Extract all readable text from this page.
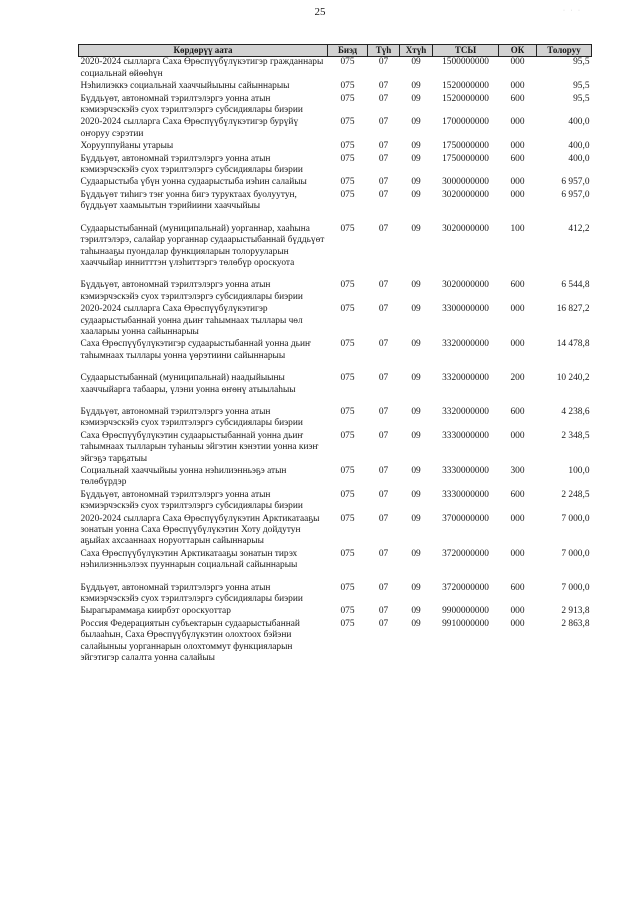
25	· · ·
Көрдөрүү аата	Биэд	Түһ	Хтүһ	ТСЫ	ОК	Толоруу
2020-2024 сылларга Саха Өрөспүүбүлүкэтигэр гражданнары социальнай өйөөһүн	075	07	09	1500000000	000	95,5
Нэһилиэккэ социальнай хааччыйыыны сайыннарыы	075	07	09	1520000000	000	95,5
Бүддьүөт, автономнай тэрилтэлэргэ уонна атын кэмиэрчэскэйэ суох тэрилтэлэргэ субсидиялары биэрии	075	07	09	1520000000	600	95,5
2020-2024 сылларга Саха Өрөспүүбүлүкэтигэр бурүйү оҥоруу сэрэтии	075	07	09	1700000000	000	400,0
Хорууппуйаны утарыы	075	07	09	1750000000	000	400,0
Бүддьүөт, автономнай тэрилтэлэргэ уонна атын кэмиэрчэскэйэ суох тэрилтэлэргэ субсидиялары биэрии	075	07	09	1750000000	600	400,0
Судаарыстыба үбүн уонна судаарыстыба иэһин салайыы	075	07	09	3000000000	000	6 957,0
Бүддьүөт тиһигэ тэҥ уонна бигэ туруктаах буолуутун, бүддьүөт хаамыытын тэрийиини хааччыйыы	075	07	09	3020000000	000	6 957,0
Судаарыстыбаннай (муниципальнай) уорганнар, хааһына тэрилтэлэрэ, салайар уорганнар судаарыстыбаннай бүддьүөт таһынааҕы пуондалар функцияларын толорууларын хааччыйар иннитттэн үлэһиттэргэ төлөбүр ороскуота	075	07	09	3020000000	100	412,2
Бүддьүөт, автономнай тэрилтэлэргэ уонна атын кэмиэрчэскэйэ суох тэрилтэлэргэ субсидиялары биэрии	075	07	09	3020000000	600	6 544,8
2020-2024 сылларга Саха Өрөспүүбүлүкэтигэр судаарыстыбаннай уонна дьиҥ таһымнаах тыллары чөл хааларыы уонна сайыннарыы	075	07	09	3300000000	000	16 827,2
Саха Өрөспүүбүлүкэтигэр судаарыстыбаннай уонна дьиҥ таһымнаах тыллары уонна үөрэтиини сайыннарыы	075	07	09	3320000000	000	14 478,8
Судаарыстыбаннай (муниципальнай) наадыйыыны хааччыйарга табаары, үлэни уонна өҥөнү атыылаһыы	075	07	09	3320000000	200	10 240,2
Бүддьүөт, автономнай тэрилтэлэргэ уонна атын кэмиэрчэскэйэ суох тэрилтэлэргэ субсидиялары биэрии	075	07	09	3320000000	600	4 238,6
Саха Өрөспүүбүлүкэтин судаарыстыбаннай уонна дьиҥ таһымнаах тылларын туһаныы эйгэтин кэнэтии уонна киэҥ эйгэҕэ тарҕатыы	075	07	09	3330000000	000	2 348,5
Социальнай хааччыйыы уонна нэһилиэнньэҕэ атын төлөбүрдэр	075	07	09	3330000000	300	100,0
Бүддьүөт, автономнай тэрилтэлэргэ уонна атын кэмиэрчэскэйэ суох тэрилтэлэргэ субсидиялары биэрии	075	07	09	3330000000	600	2 248,5
2020-2024 сылларга Саха Өрөспүүбүлүкэтин Арктикатааҕы зонатын уонна Саха Өрөспүүбүлүкэтин Хоту дойдутун аҕыйах ахсааннаах норуоттарын сайыннарыы	075	07	09	3700000000	000	7 000,0
Саха Өрөспүүбүлүкэтин Арктикатааҕы зонатын тирэх нэһилиэнньэлээх пууннарын социальнай сайыннарыы	075	07	09	3720000000	000	7 000,0
Бүддьүөт, автономнай тэрилтэлэргэ уонна атын кэмиэрчэскэйэ суох тэрилтэлэргэ субсидиялары биэрии	075	07	09	3720000000	600	7 000,0
Бырагыраммаҕа киирбэт ороскуоттар	075	07	09	9900000000	000	2 913,8
Россия Федерациятын субъектарын судаарыстыбаннай былааһын, Саха Өрөспүүбүлүкэтин олохтоох бэйэни салайыныы уорганнарын олохтоммут функцияларын эйгэтигэр салалта уонна салайыы	075	07	09	9910000000	000	2 863,8
